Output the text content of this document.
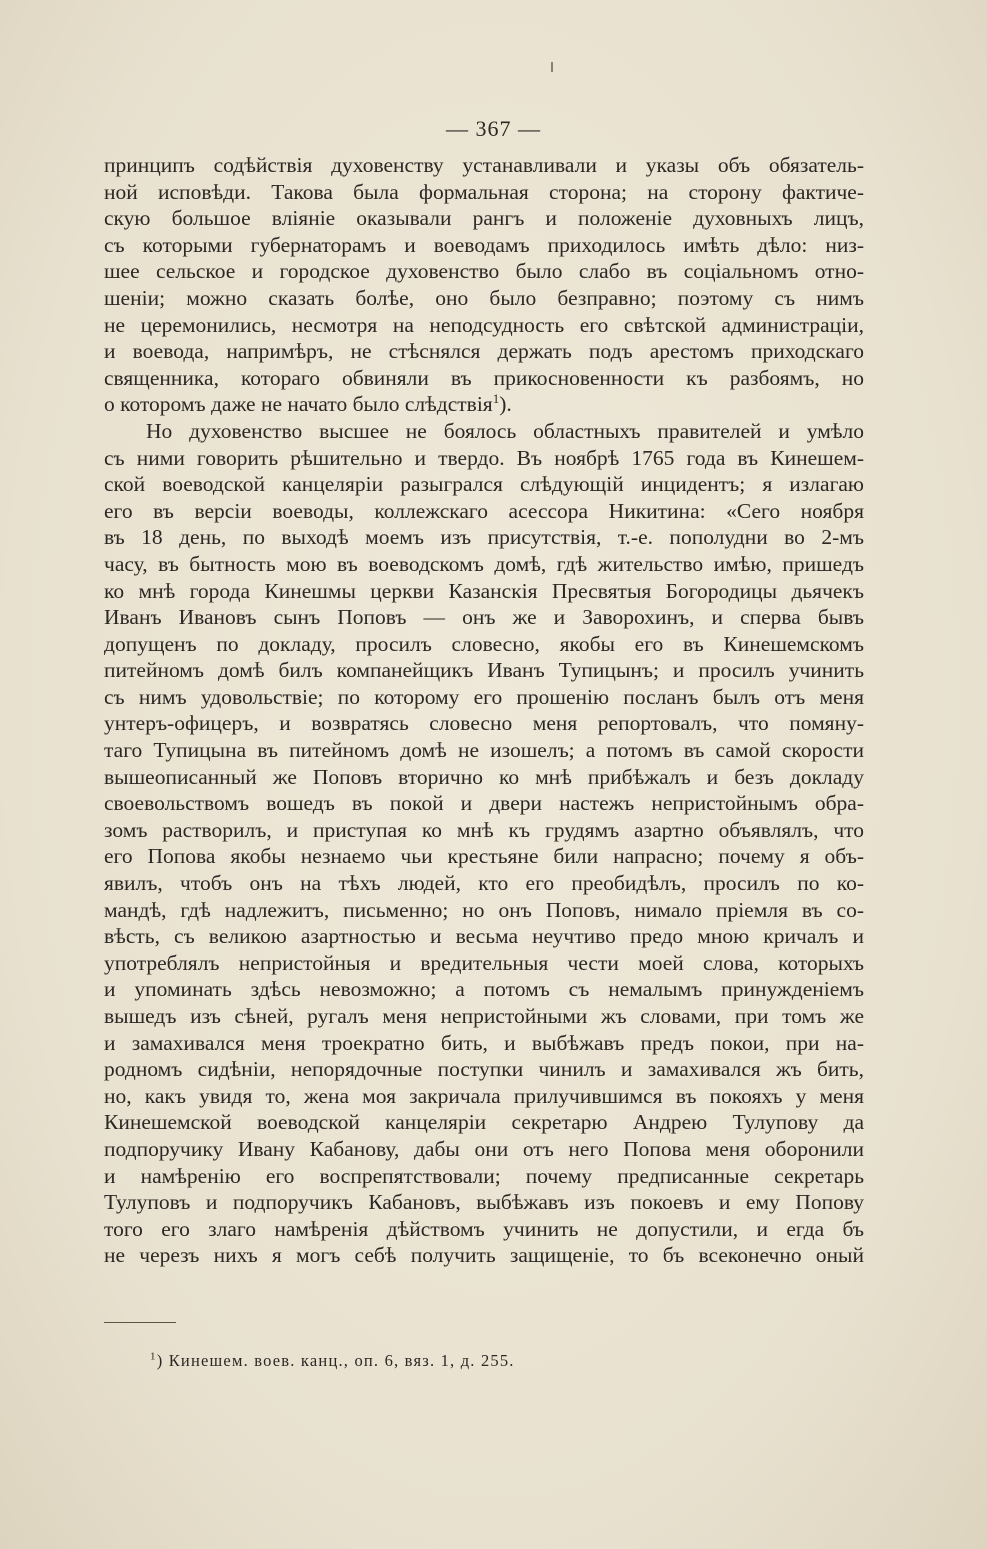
— 367 —
принципъ содѣйствія духовенству устанавливали и указы объ обязатель-
ной исповѣди. Такова была формальная сторона; на сторону фактиче-
скую большое вліяніе оказывали рангъ и положеніе духовныхъ лицъ,
съ которыми губернаторамъ и воеводамъ приходилось имѣть дѣло: низ-
шее сельское и городское духовенство было слабо въ соціальномъ отно-
шеніи; можно сказать болѣе, оно было безправно; поэтому съ нимъ
не церемонились, несмотря на неподсудность его свѣтской администраціи,
и воевода, напримѣръ, не стѣснялся держать подъ арестомъ приходскаго
священника, котораго обвиняли въ прикосновенности къ разбоямъ, но
о которомъ даже не начато было слѣдствія$^1$).
Но духовенство высшее не боялось областныхъ правителей и умѣло
съ ними говорить рѣшительно и твердо. Въ ноябрѣ 1765 года въ Кинешем-
ской воеводской канцеляріи разыгрался слѣдующій инцидентъ; я излагаю
его въ версіи воеводы, коллежскаго асессора Никитина: «Сего ноября
въ 18 день, по выходѣ моемъ изъ присутствія, т.-е. пополудни во 2-мъ
часу, въ бытность мою въ воеводскомъ домѣ, гдѣ жительство имѣю, пришедъ
ко мнѣ города Кинешмы церкви Казанскія Пресвятыя Богородицы дьячекъ
Иванъ Ивановъ сынъ Поповъ — онъ же и Заворохинъ, и сперва бывъ
допущенъ по докладу, просилъ словесно, якобы его въ Кинешемскомъ
питейномъ домѣ билъ компанейщикъ Иванъ Тупицынъ; и просилъ учинить
съ нимъ удовольствіе; по которому его прошенію посланъ былъ отъ меня
унтеръ-офицеръ, и возвратясь словесно меня репортовалъ, что помяну-
таго Тупицына въ питейномъ домѣ не изошелъ; а потомъ въ самой скорости
вышеописанный же Поповъ вторично ко мнѣ прибѣжалъ и безъ докладу
своевольствомъ вошедъ въ покой и двери настежъ непристойнымъ обра-
зомъ растворилъ, и приступая ко мнѣ къ грудямъ азартно объявлялъ, что
его Попова якобы незнаемо чьи крестьяне били напрасно; почему я объ-
явилъ, чтобъ онъ на тѣхъ людей, кто его преобидѣлъ, просилъ по ко-
мандѣ, гдѣ надлежитъ, письменно; но онъ Поповъ, нимало пріемля въ со-
вѣсть, съ великою азартностью и весьма неучтиво предо мною кричалъ и
употреблялъ непристойныя и вредительныя чести моей слова, которыхъ
и упоминать здѣсь невозможно; а потомъ съ немалымъ принужденіемъ
вышедъ изъ сѣней, ругалъ меня непристойными жъ словами, при томъ же
и замахивался меня троекратно бить, и выбѣжавъ предъ покои, при на-
родномъ сидѣніи, непорядочные поступки чинилъ и замахивался жъ бить,
но, какъ увидя то, жена моя закричала прилучившимся въ покояхъ у меня
Кинешемской воеводской канцеляріи секретарю Андрею Тулупову да
подпоручику Ивану Кабанову, дабы они отъ него Попова меня оборонили
и намѣренію его воспрепятствовали; почему предписанные секретарь
Тулуповъ и подпоручикъ Кабановъ, выбѣжавъ изъ покоевъ и ему Попову
того его злаго намѣренія дѣйствомъ учинить не допустили, и егда бъ
не черезъ нихъ я могъ себѣ получить защищеніе, то бъ всеконечно оный
$^1$) Кинешем. воев. канц., оп. 6, вяз. 1, д. 255.
